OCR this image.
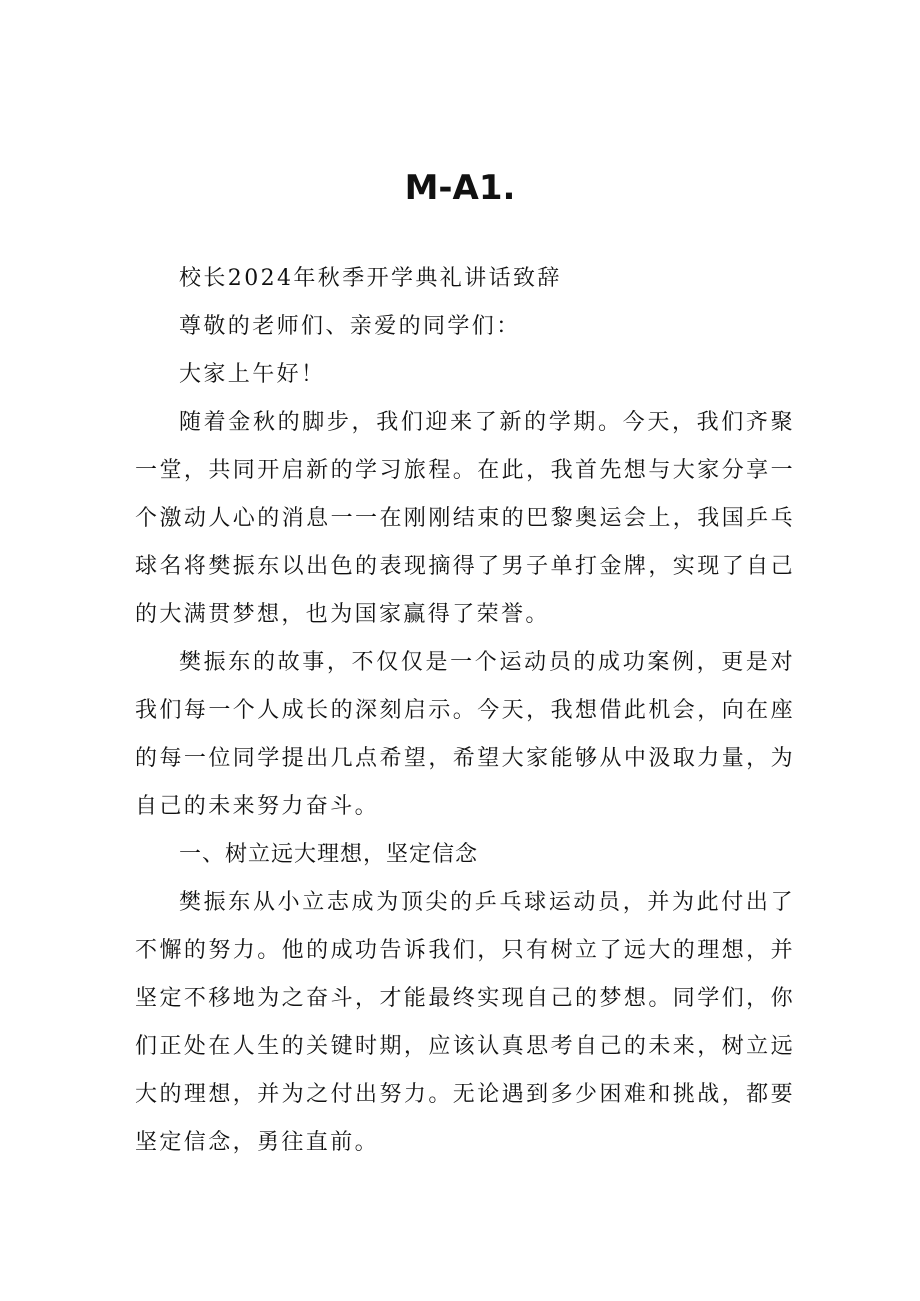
M-A1.

校长2024年秋季开学典礼讲话致辞

尊敬的老师们、亲爱的同学们：

大家上午好！

随着金秋的脚步，我们迎来了新的学期。今天，我们齐聚一堂，共同开启新的学习旅程。在此，我首先想与大家分享一个激动人心的消息一一在刚刚结束的巴黎奥运会上，我国乒乓球名将樊振东以出色的表现摘得了男子单打金牌，实现了自己的大满贯梦想，也为国家赢得了荣誉。

樊振东的故事，不仅仅是一个运动员的成功案例，更是对我们每一个人成长的深刻启示。今天，我想借此机会，向在座的每一位同学提出几点希望，希望大家能够从中汲取力量，为自己的未来努力奋斗。

一、树立远大理想，坚定信念

樊振东从小立志成为顶尖的乒乓球运动员，并为此付出了不懈的努力。他的成功告诉我们，只有树立了远大的理想，并坚定不移地为之奋斗，才能最终实现自己的梦想。同学们，你们正处在人生的关键时期，应该认真思考自己的未来，树立远大的理想，并为之付出努力。无论遇到多少困难和挑战，都要坚定信念，勇往直前。
